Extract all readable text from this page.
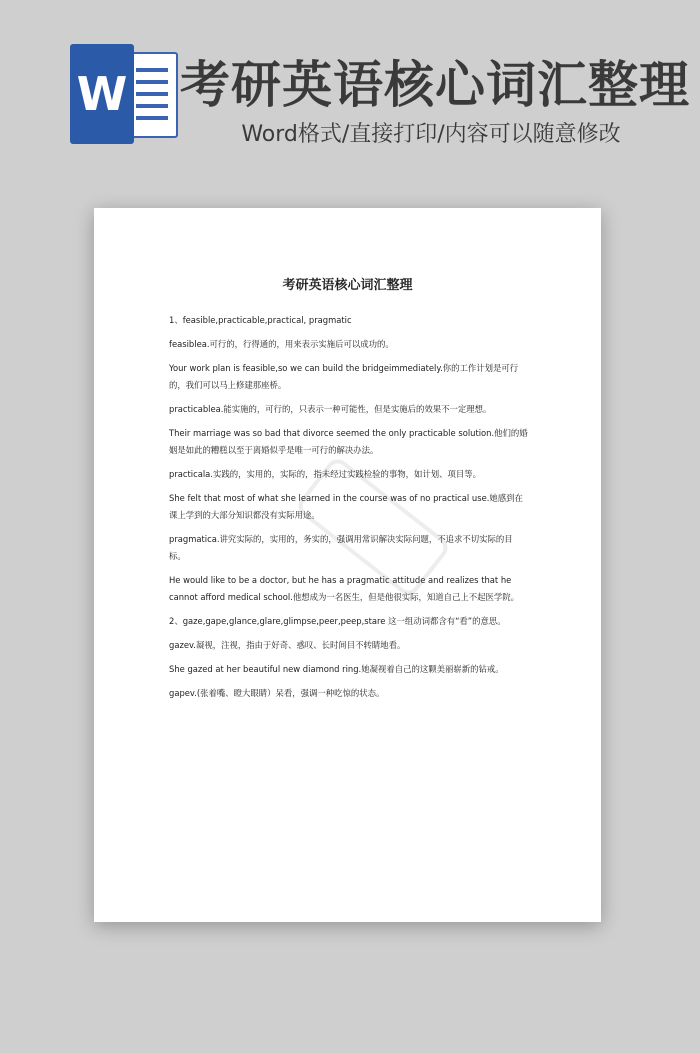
W 考研英语核心词汇整理
Word格式/直接打印/内容可以随意修改
考研英语核心词汇整理

1、feasible,practicable,practical, pragmatic

feasiblea.可行的，行得通的，用来表示实施后可以成功的。

Your work plan is feasible,so we can build the bridgeimmediately.你的工作计划是可行的，我们可以马上修建那座桥。

practicablea.能实施的，可行的，只表示一种可能性，但是实施后的效果不一定理想。

Their marriage was so bad that divorce seemed the only practicable solution.他们的婚姻是如此的糟糕以至于离婚似乎是唯一可行的解决办法。

practicala.实践的，实用的，实际的，指未经过实践检验的事物，如计划、项目等。

She felt that most of what she learned in the course was of no practical use.她感到在课上学到的大部分知识都没有实际用途。

pragmatica.讲究实际的，实用的，务实的，强调用常识解决实际问题，不追求不切实际的目标。

He would like to be a doctor, but he has a pragmatic attitude and realizes that he cannot afford medical school.他想成为一名医生，但是他很实际，知道自己上不起医学院。

2、gaze,gape,glance,glare,glimpse,peer,peep,stare 这一组动词都含有“看”的意思。

gazev.凝视，注视，指由于好奇、惑叹、长时间目不转睛地看。

She gazed at her beautiful new diamond ring.她凝视着自己的这颗美丽崭新的钻戒。

gapev.(张着嘴、瞪大眼睛）呆看，强调一种吃惊的状态。
